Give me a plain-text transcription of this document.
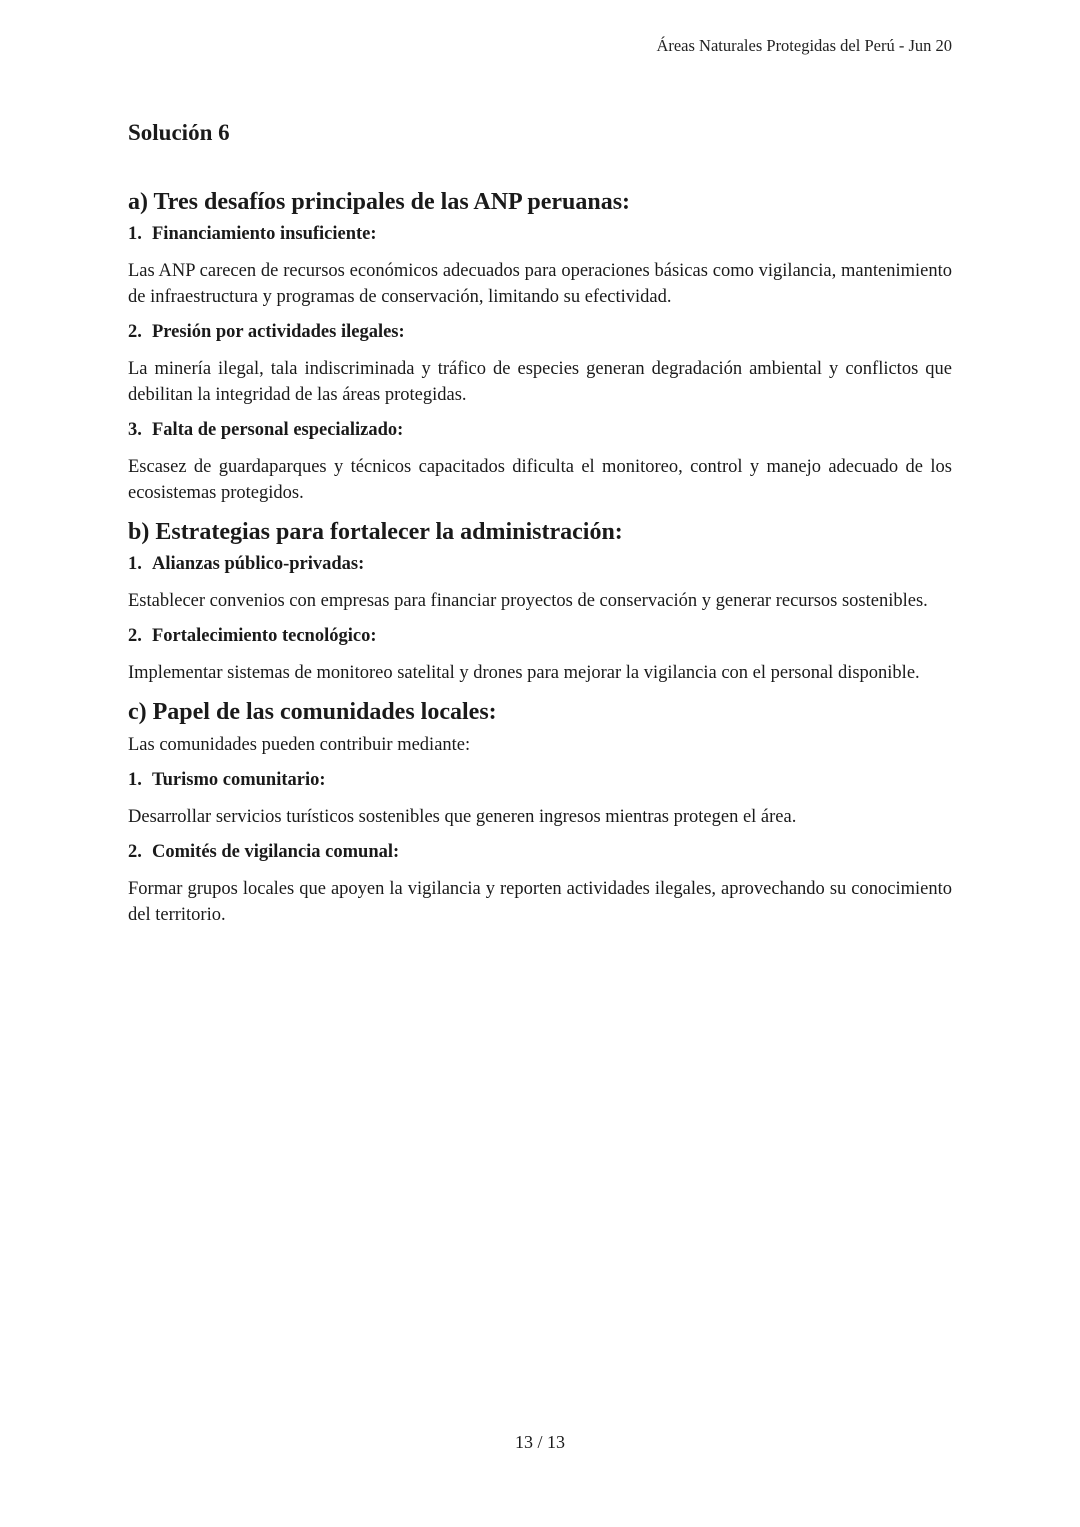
Áreas Naturales Protegidas del Perú - Jun 20
Solución 6
a) Tres desafíos principales de las ANP peruanas:
1. Financiamiento insuficiente:

Las ANP carecen de recursos económicos adecuados para operaciones básicas como vigilancia, mantenimiento de infraestructura y programas de conservación, limitando su efectividad.

2. Presión por actividades ilegales:

La minería ilegal, tala indiscriminada y tráfico de especies generan degradación ambiental y conflictos que debilitan la integridad de las áreas protegidas.

3. Falta de personal especializado:

Escasez de guardaparques y técnicos capacitados dificulta el monitoreo, control y manejo adecuado de los ecosistemas protegidos.

b) Estrategias para fortalecer la administración:
1. Alianzas público-privadas:

Establecer convenios con empresas para financiar proyectos de conservación y generar recursos sostenibles.

2. Fortalecimiento tecnológico:

Implementar sistemas de monitoreo satelital y drones para mejorar la vigilancia con el personal disponible.

c) Papel de las comunidades locales:
Las comunidades pueden contribuir mediante:
1. Turismo comunitario:

Desarrollar servicios turísticos sostenibles que generen ingresos mientras protegen el área.

2. Comités de vigilancia comunal:

Formar grupos locales que apoyen la vigilancia y reporten actividades ilegales, aprovechando su conocimiento del territorio.

13 / 13
